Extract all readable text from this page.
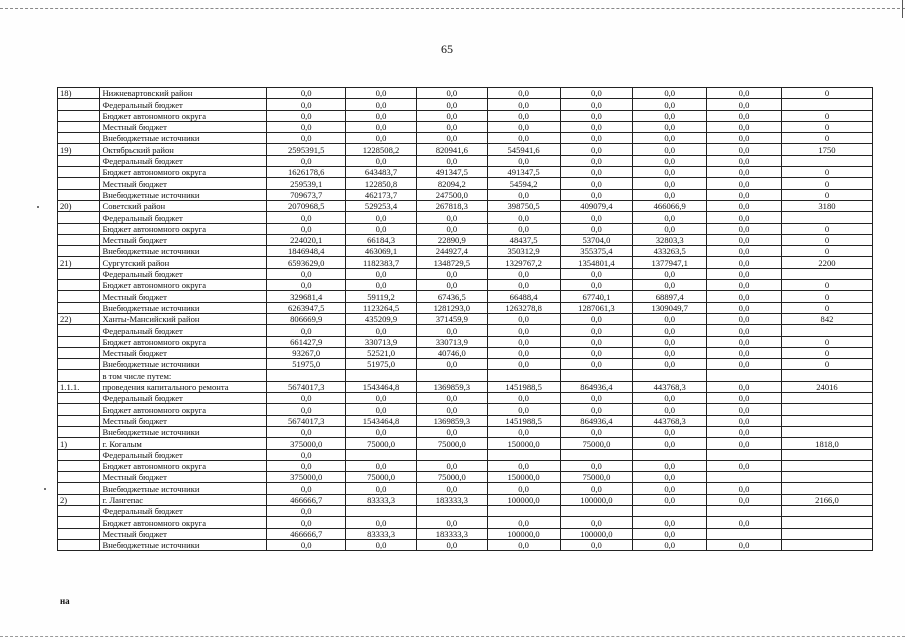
65
18)	Нижневартовский район	0,0	0,0	0,0	0,0	0,0	0,0	0,0	0
	Федеральный бюджет	0,0	0,0	0,0	0,0	0,0	0,0	0,0	
	Бюджет автономного округа	0,0	0,0	0,0	0,0	0,0	0,0	0,0	0
	Местный бюджет	0,0	0,0	0,0	0,0	0,0	0,0	0,0	0
	Внебюджетные источники	0,0	0,0	0,0	0,0	0,0	0,0	0,0	0
19)	Октябрьский район	2595391,5	1228508,2	820941,6	545941,6	0,0	0,0	0,0	1750
	Федеральный бюджет	0,0	0,0	0,0	0,0	0,0	0,0	0,0	
	Бюджет автономного округа	1626178,6	643483,7	491347,5	491347,5	0,0	0,0	0,0	0
	Местный бюджет	259539,1	122850,8	82094,2	54594,2	0,0	0,0	0,0	0
	Внебюджетные источники	709673,7	462173,7	247500,0	0,0	0,0	0,0	0,0	0
20)	Советский район	2070968,5	529253,4	267818,3	398750,5	409079,4	466066,9	0,0	3180
	Федеральный бюджет	0,0	0,0	0,0	0,0	0,0	0,0	0,0	
	Бюджет автономного округа	0,0	0,0	0,0	0,0	0,0	0,0	0,0	0
	Местный бюджет	224020,1	66184,3	22890,9	48437,5	53704,0	32803,3	0,0	0
	Внебюджетные источники	1846948,4	463069,1	244927,4	350312,9	355375,4	433263,5	0,0	0
21)	Сургутский район	6593629,0	1182383,7	1348729,5	1329767,2	1354801,4	1377947,1	0,0	2200
	Федеральный бюджет	0,0	0,0	0,0	0,0	0,0	0,0	0,0	
	Бюджет автономного округа	0,0	0,0	0,0	0,0	0,0	0,0	0,0	0
	Местный бюджет	329681,4	59119,2	67436,5	66488,4	67740,1	68897,4	0,0	0
	Внебюджетные источники	6263947,5	1123264,5	1281293,0	1263278,8	1287061,3	1309049,7	0,0	0
22)	Ханты-Мансийский район	806669,9	435209,9	371459,9	0,0	0,0	0,0	0,0	842
	Федеральный бюджет	0,0	0,0	0,0	0,0	0,0	0,0	0,0	
	Бюджет автономного округа	661427,9	330713,9	330713,9	0,0	0,0	0,0	0,0	0
	Местный бюджет	93267,0	52521,0	40746,0	0,0	0,0	0,0	0,0	0
	Внебюджетные источники	51975,0	51975,0	0,0	0,0	0,0	0,0	0,0	0
	в том числе путем:								
1.1.1.	проведения капитального ремонта	5674017,3	1543464,8	1369859,3	1451988,5	864936,4	443768,3	0,0	24016
	Федеральный бюджет	0,0	0,0	0,0	0,0	0,0	0,0	0,0	
	Бюджет автономного округа	0,0	0,0	0,0	0,0	0,0	0,0	0,0	
	Местный бюджет	5674017,3	1543464,8	1369859,3	1451988,5	864936,4	443768,3	0,0	
	Внебюджетные источники	0,0	0,0	0,0	0,0	0,0	0,0	0,0	
1)	г. Когалым	375000,0	75000,0	75000,0	150000,0	75000,0	0,0	0,0	1818,0
	Федеральный бюджет	0,0							
	Бюджет автономного округа	0,0	0,0	0,0	0,0	0,0	0,0	0,0	
	Местный бюджет	375000,0	75000,0	75000,0	150000,0	75000,0	0,0		
	Внебюджетные источники	0,0	0,0	0,0	0,0	0,0	0,0	0,0	
2)	г. Лангепас	466666,7	83333,3	183333,3	100000,0	100000,0	0,0	0,0	2166,0
	Федеральный бюджет	0,0							
	Бюджет автономного округа	0,0	0,0	0,0	0,0	0,0	0,0	0,0	
	Местный бюджет	466666,7	83333,3	183333,3	100000,0	100000,0	0,0		
	Внебюджетные источники	0,0	0,0	0,0	0,0	0,0	0,0	0,0	
на
